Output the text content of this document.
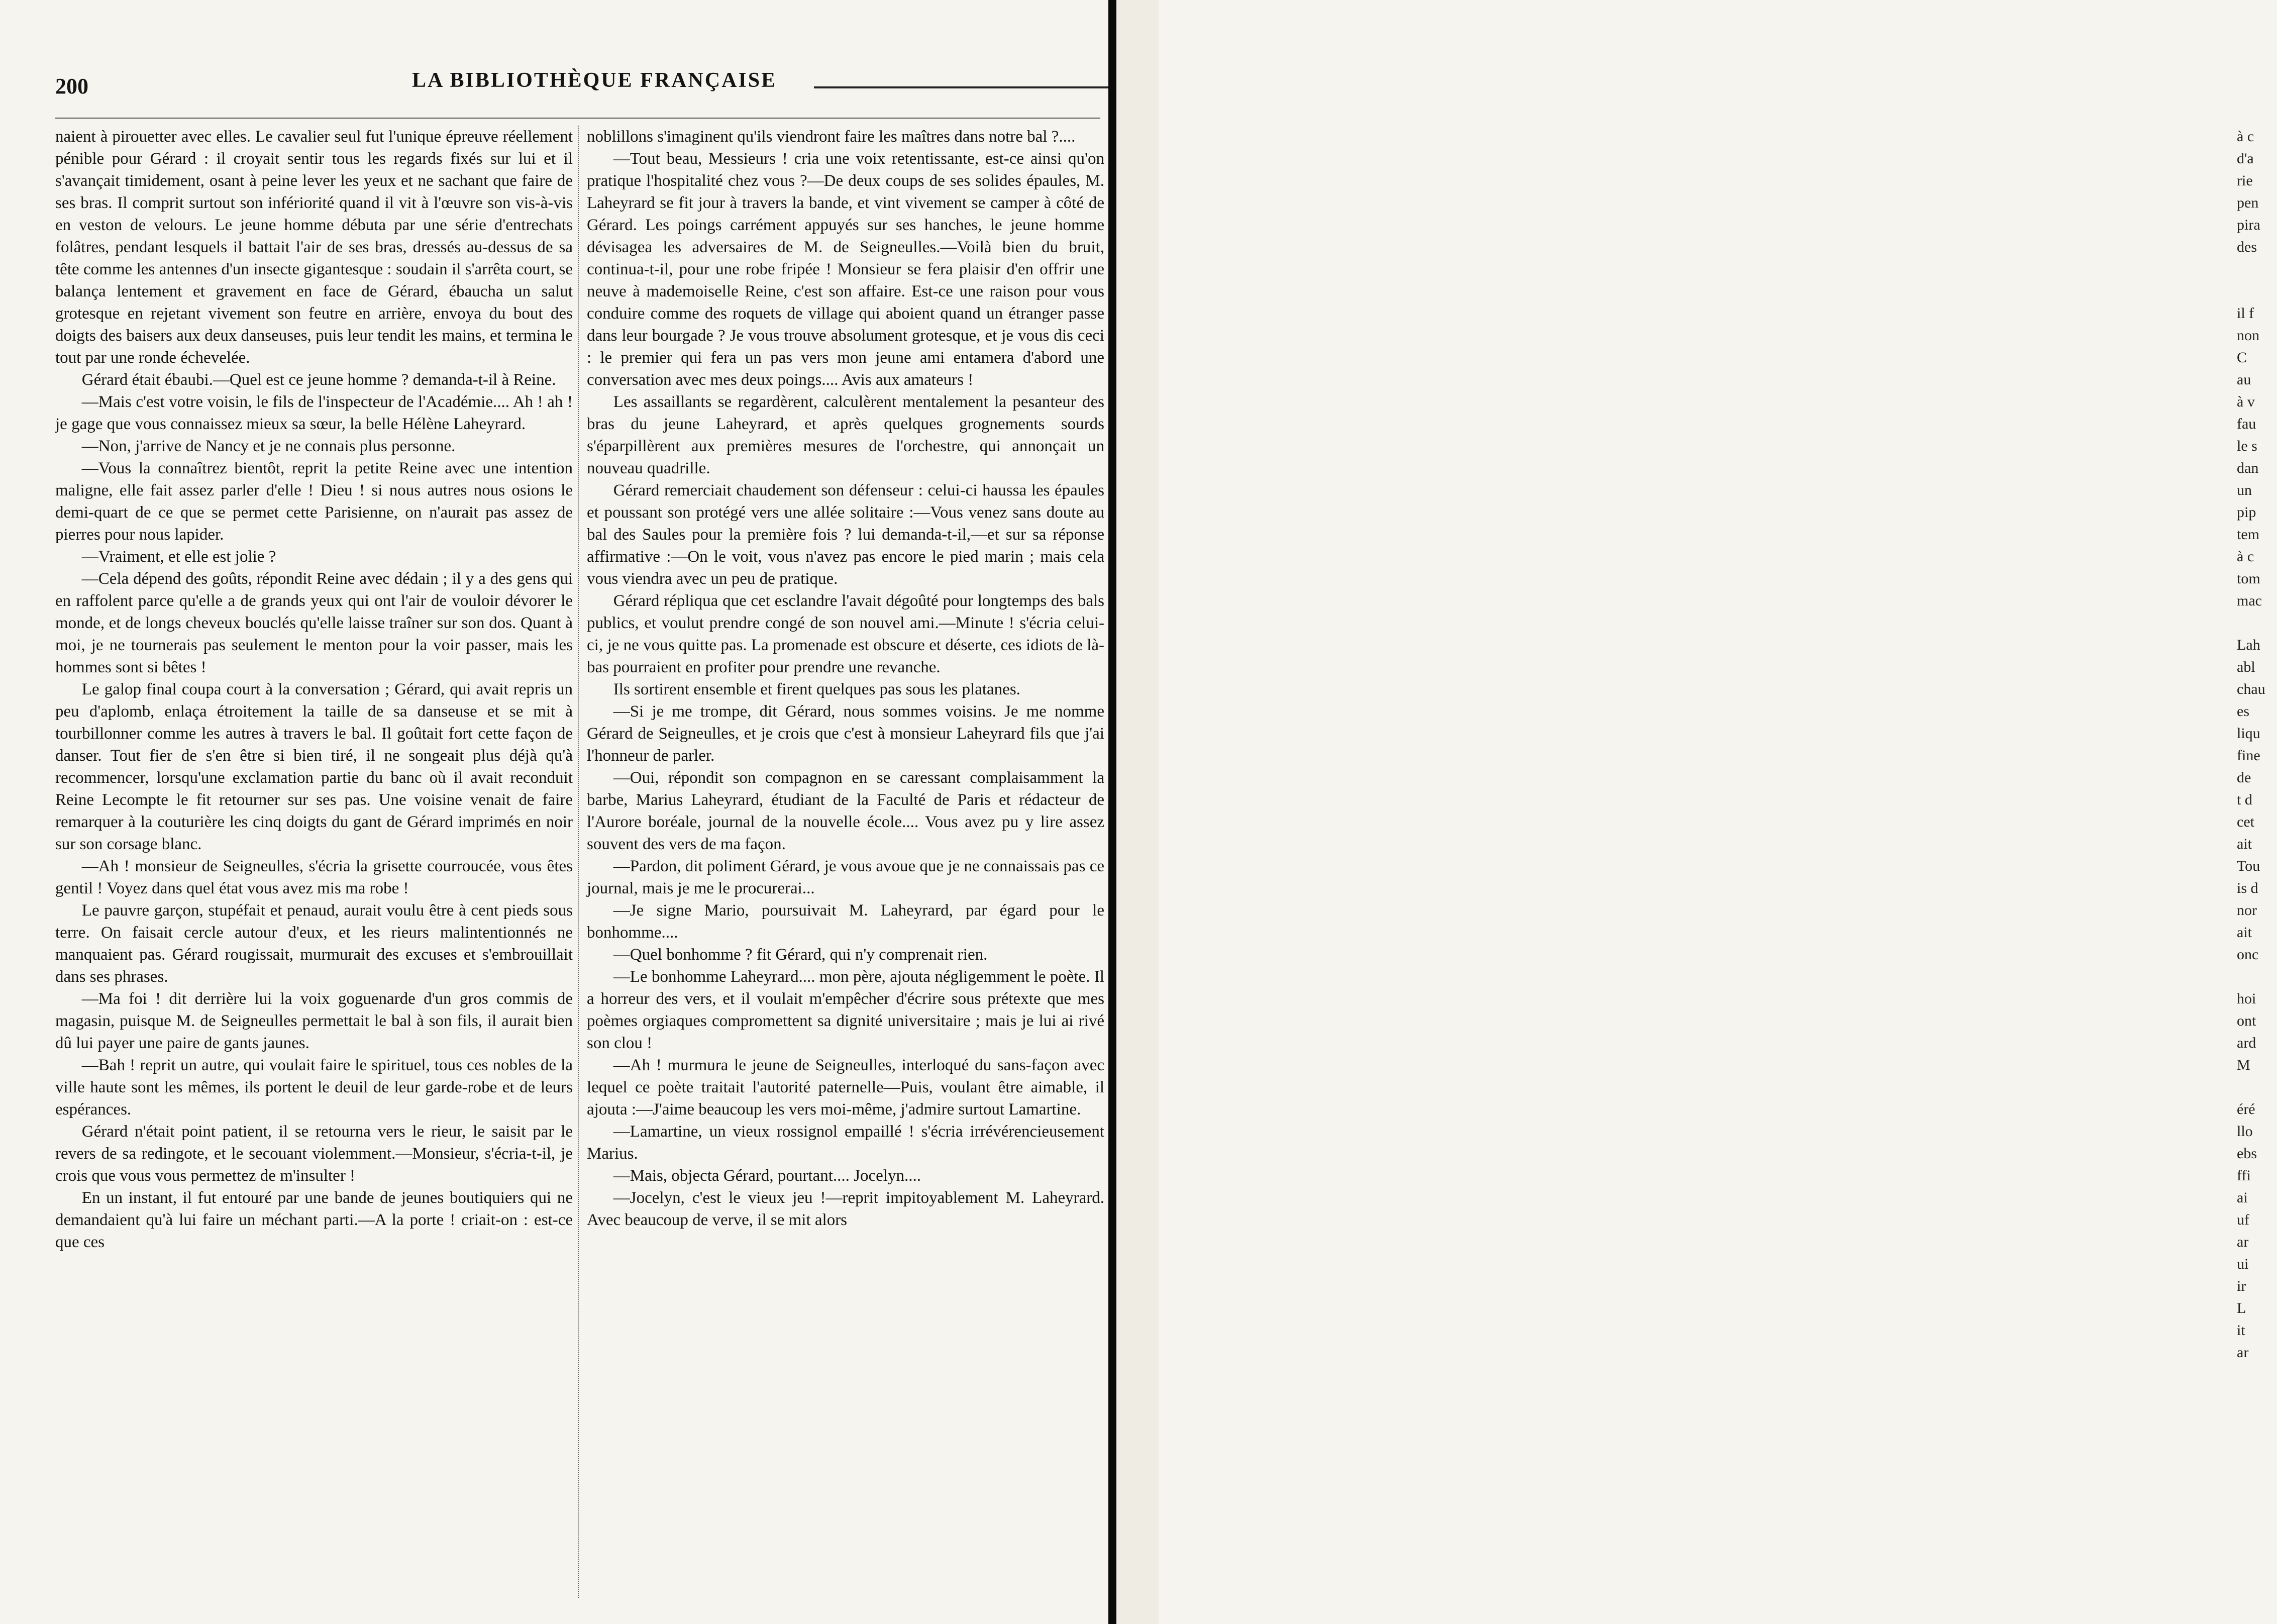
200	LA BIBLIOTHÈQUE FRANÇAISE

naient à pirouetter avec elles. Le cavalier seul fut l'unique épreuve réellement pénible pour Gérard : il croyait sentir tous les regards fixés sur lui et il s'avançait timidement, osant à peine lever les yeux et ne sachant que faire de ses bras. Il comprit surtout son infériorité quand il vit à l'œuvre son vis-à-vis en veston de velours. Le jeune homme débuta par une série d'entrechats folâtres, pendant lesquels il battait l'air de ses bras, dressés au-dessus de sa tête comme les antennes d'un insecte gigantesque : soudain il s'arrêta court, se balança lentement et gravement en face de Gérard, ébaucha un salut grotesque en rejetant vivement son feutre en arrière, envoya du bout des doigts des baisers aux deux danseuses, puis leur tendit les mains, et termina le tout par une ronde échevelée.

Gérard était ébaubi.—Quel est ce jeune homme ? demanda-t-il à Reine.

—Mais c'est votre voisin, le fils de l'inspecteur de l'Académie.... Ah ! ah ! je gage que vous connaissez mieux sa sœur, la belle Hélène Laheyrard.

—Non, j'arrive de Nancy et je ne connais plus personne.

—Vous la connaîtrez bientôt, reprit la petite Reine avec une intention maligne, elle fait assez parler d'elle ! Dieu ! si nous autres nous osions le demi-quart de ce que se permet cette Parisienne, on n'aurait pas assez de pierres pour nous lapider.

—Vraiment, et elle est jolie ?

—Cela dépend des goûts, répondit Reine avec dédain ; il y a des gens qui en raffolent parce qu'elle a de grands yeux qui ont l'air de vouloir dévorer le monde, et de longs cheveux bouclés qu'elle laisse traîner sur son dos. Quant à moi, je ne tournerais pas seulement le menton pour la voir passer, mais les hommes sont si bêtes !

Le galop final coupa court à la conversation ; Gérard, qui avait repris un peu d'aplomb, enlaça étroitement la taille de sa danseuse et se mit à tourbillonner comme les autres à travers le bal. Il goûtait fort cette façon de danser. Tout fier de s'en être si bien tiré, il ne songeait plus déjà qu'à recommencer, lorsqu'une exclamation partie du banc où il avait reconduit Reine Lecompte le fit retourner sur ses pas. Une voisine venait de faire remarquer à la couturière les cinq doigts du gant de Gérard imprimés en noir sur son corsage blanc.

—Ah ! monsieur de Seigneulles, s'écria la grisette courroucée, vous êtes gentil ! Voyez dans quel état vous avez mis ma robe !

Le pauvre garçon, stupéfait et penaud, aurait voulu être à cent pieds sous terre. On faisait cercle autour d'eux, et les rieurs malintentionnés ne manquaient pas. Gérard rougissait, murmurait des excuses et s'embrouillait dans ses phrases.

—Ma foi ! dit derrière lui la voix goguenarde d'un gros commis de magasin, puisque M. de Seigneulles permettait le bal à son fils, il aurait bien dû lui payer une paire de gants jaunes.

—Bah ! reprit un autre, qui voulait faire le spirituel, tous ces nobles de la ville haute sont les mêmes, ils portent le deuil de leur garde-robe et de leurs espérances.

Gérard n'était point patient, il se retourna vers le rieur, le saisit par le revers de sa redingote, et le secouant violemment.—Monsieur, s'écria-t-il, je crois que vous vous permettez de m'insulter !

En un instant, il fut entouré par une bande de jeunes boutiquiers qui ne demandaient qu'à lui faire un méchant parti.—A la porte ! criait-on : est-ce que ces

noblillons s'imaginent qu'ils viendront faire les maîtres dans notre bal ?....

—Tout beau, Messieurs ! cria une voix retentissante, est-ce ainsi qu'on pratique l'hospitalité chez vous ?—De deux coups de ses solides épaules, M. Laheyrard se fit jour à travers la bande, et vint vivement se camper à côté de Gérard. Les poings carrément appuyés sur ses hanches, le jeune homme dévisagea les adversaires de M. de Seigneulles.—Voilà bien du bruit, continua-t-il, pour une robe fripée ! Monsieur se fera plaisir d'en offrir une neuve à mademoiselle Reine, c'est son affaire. Est-ce une raison pour vous conduire comme des roquets de village qui aboient quand un étranger passe dans leur bourgade ? Je vous trouve absolument grotesque, et je vous dis ceci : le premier qui fera un pas vers mon jeune ami entamera d'abord une conversation avec mes deux poings.... Avis aux amateurs !

Les assaillants se regardèrent, calculèrent mentalement la pesanteur des bras du jeune Laheyrard, et après quelques grognements sourds s'éparpillèrent aux premières mesures de l'orchestre, qui annonçait un nouveau quadrille.

Gérard remerciait chaudement son défenseur : celui-ci haussa les épaules et poussant son protégé vers une allée solitaire :—Vous venez sans doute au bal des Saules pour la première fois ? lui demanda-t-il,—et sur sa réponse affirmative :—On le voit, vous n'avez pas encore le pied marin ; mais cela vous viendra avec un peu de pratique.

Gérard répliqua que cet esclandre l'avait dégoûté pour longtemps des bals publics, et voulut prendre congé de son nouvel ami.—Minute ! s'écria celui-ci, je ne vous quitte pas. La promenade est obscure et déserte, ces idiots de là-bas pourraient en profiter pour prendre une revanche.

Ils sortirent ensemble et firent quelques pas sous les platanes.

—Si je me trompe, dit Gérard, nous sommes voisins. Je me nomme Gérard de Seigneulles, et je crois que c'est à monsieur Laheyrard fils que j'ai l'honneur de parler.

—Oui, répondit son compagnon en se caressant complaisamment la barbe, Marius Laheyrard, étudiant de la Faculté de Paris et rédacteur de l'Aurore boréale, journal de la nouvelle école.... Vous avez pu y lire assez souvent des vers de ma façon.

—Pardon, dit poliment Gérard, je vous avoue que je ne connaissais pas ce journal, mais je me le procurerai...

—Je signe Mario, poursuivait M. Laheyrard, par égard pour le bonhomme....

—Quel bonhomme ? fit Gérard, qui n'y comprenait rien.

—Le bonhomme Laheyrard.... mon père, ajouta négligemment le poète. Il a horreur des vers, et il voulait m'empêcher d'écrire sous prétexte que mes poèmes orgiaques compromettent sa dignité universitaire ; mais je lui ai rivé son clou !

—Ah ! murmura le jeune de Seigneulles, interloqué du sans-façon avec lequel ce poète traitait l'autorité paternelle—Puis, voulant être aimable, il ajouta :—J'aime beaucoup les vers moi-même, j'admire surtout Lamartine.

—Lamartine, un vieux rossignol empaillé ! s'écria irrévérencieusement Marius.

—Mais, objecta Gérard, pourtant.... Jocelyn....

—Jocelyn, c'est le vieux jeu !—reprit impitoyablement M. Laheyrard. Avec beaucoup de verve, il se mit alors

à c
d'a
rie
pen
pira
des

il f
non
C
au
à v
fau
le s
dan
un
pip
tem
à c
tom
mac

Lah
abl
chau
es
liqu
fine
de
t d
cet
ait
Tou
is d
nor
ait
onc

hoi
ont
ard
M

éré
llo
ebs
ffi
ai
uf
ar
ui
ir
L
it
ar
